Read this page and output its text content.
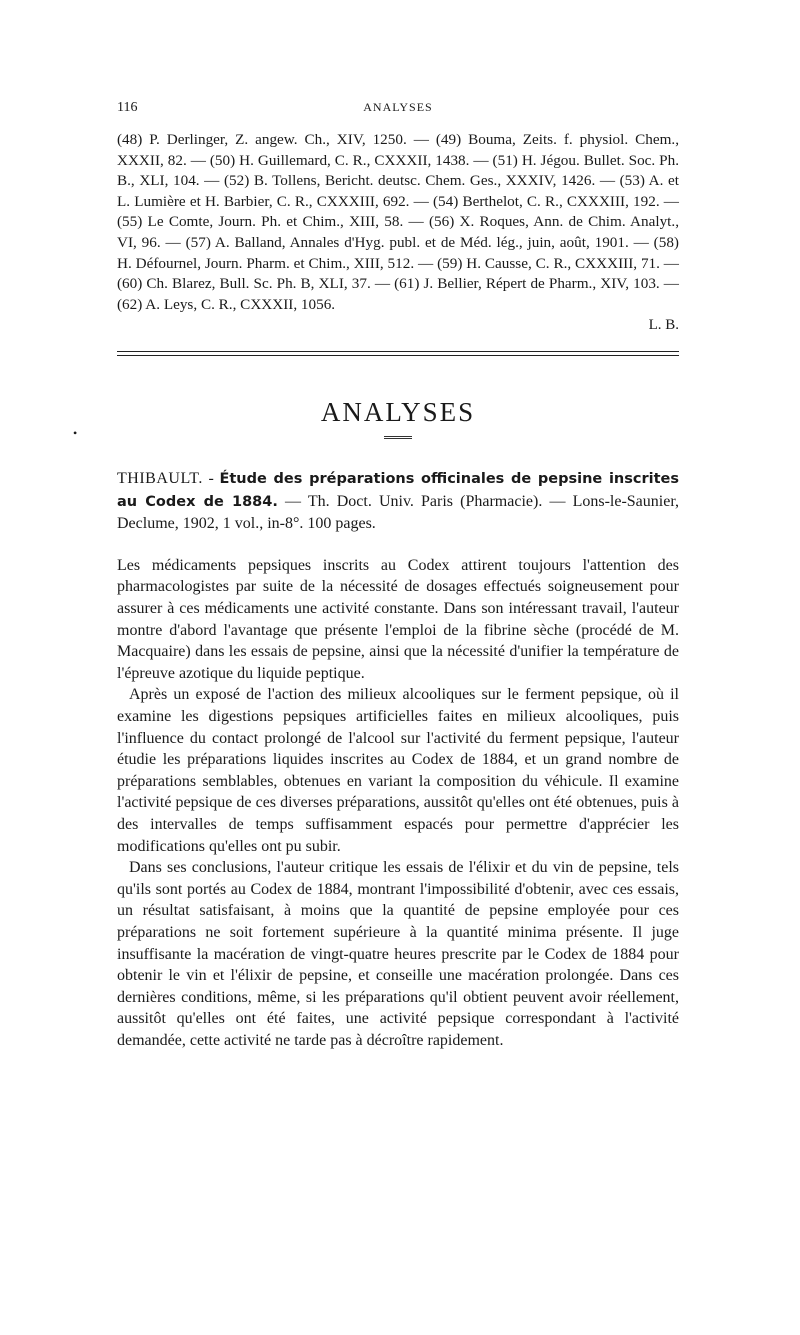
116	ANALYSES

(48) P. Derlinger, Z. angew. Ch., XIV, 1250. — (49) Bouma, Zeits. f. physiol. Chem., XXXII, 82. — (50) H. Guillemard, C. R., CXXXII, 1438. — (51) H. Jégou. Bullet. Soc. Ph. B., XLI, 104. — (52) B. Tollens, Bericht. deutsc. Chem. Ges., XXXIV, 1426. — (53) A. et L. Lumière et H. Barbier, C. R., CXXXIII, 692. — (54) Berthelot, C. R., CXXXIII, 192. — (55) Le Comte, Journ. Ph. et Chim., XIII, 58. — (56) X. Roques, Ann. de Chim. Analyt., VI, 96. — (57) A. Balland, Annales d'Hyg. publ. et de Méd. lég., juin, août, 1901. — (58) H. Défournel, Journ. Pharm. et Chim., XIII, 512. — (59) H. Causse, C. R., CXXXIII, 71. — (60) Ch. Blarez, Bull. Sc. Ph. B, XLI, 37. — (61) J. Bellier, Répert de Pharm., XIV, 103. — (62) A. Leys, C. R., CXXXII, 1056.

L. B.
ANALYSES

THIBAULT. - Étude des préparations officinales de pepsine inscrites au Codex de 1884. — Th. Doct. Univ. Paris (Pharmacie). — Lons-le-Saunier, Declume, 1902, 1 vol., in-8°. 100 pages.

Les médicaments pepsiques inscrits au Codex attirent toujours l'attention des pharmacologistes par suite de la nécessité de dosages effectués soigneusement pour assurer à ces médicaments une activité constante. Dans son intéressant travail, l'auteur montre d'abord l'avantage que présente l'emploi de la fibrine sèche (procédé de M. Macquaire) dans les essais de pepsine, ainsi que la nécessité d'unifier la température de l'épreuve azotique du liquide peptique.

Après un exposé de l'action des milieux alcooliques sur le ferment pepsique, où il examine les digestions pepsiques artificielles faites en milieux alcooliques, puis l'influence du contact prolongé de l'alcool sur l'activité du ferment pepsique, l'auteur étudie les préparations liquides inscrites au Codex de 1884, et un grand nombre de préparations semblables, obtenues en variant la composition du véhicule. Il examine l'activité pepsique de ces diverses préparations, aussitôt qu'elles ont été obtenues, puis à des intervalles de temps suffisamment espacés pour permettre d'apprécier les modifications qu'elles ont pu subir.

Dans ses conclusions, l'auteur critique les essais de l'élixir et du vin de pepsine, tels qu'ils sont portés au Codex de 1884, montrant l'impossibilité d'obtenir, avec ces essais, un résultat satisfaisant, à moins que la quantité de pepsine employée pour ces préparations ne soit fortement supérieure à la quantité minima présente. Il juge insuffisante la macération de vingt-quatre heures prescrite par le Codex de 1884 pour obtenir le vin et l'élixir de pepsine, et conseille une macération prolongée. Dans ces dernières conditions, même, si les préparations qu'il obtient peuvent avoir réellement, aussitôt qu'elles ont été faites, une activité pepsique correspondant à l'activité demandée, cette activité ne tarde pas à décroître rapidement.

•
